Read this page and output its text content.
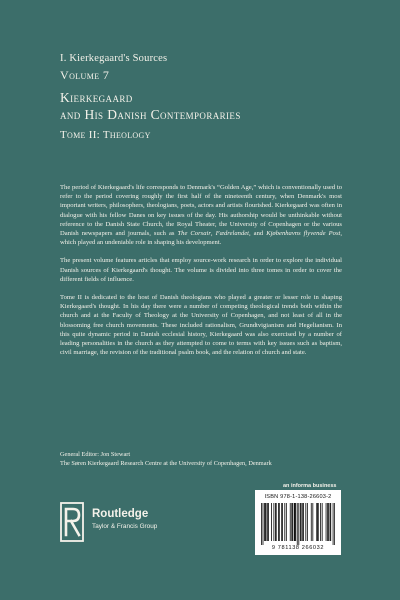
I. Kierkegaard's Sources
Volume 7
Kierkegaard
and His Danish Contemporaries
Tome II: Theology

The period of Kierkegaard's life corresponds to Denmark's “Golden Age,” which is conventionally used to refer to the period covering roughly the first half of the nineteenth century, when Denmark's most important writers, philosophers, theologians, poets, actors and artists flourished. Kierkegaard was often in dialogue with his fellow Danes on key issues of the day. His authorship would be unthinkable without reference to the Danish State Church, the Royal Theater, the University of Copenhagen or the various Danish newspapers and journals, such as The Corsair, Fædrelandet, and Kjøbenhavns flyvende Post, which played an undeniable role in shaping his development.

The present volume features articles that employ source-work research in order to explore the individual Danish sources of Kierkegaard's thought. The volume is divided into three tomes in order to cover the different fields of influence.

Tome II is dedicated to the host of Danish theologians who played a greater or lesser role in shaping Kierkegaard's thought. In his day there were a number of competing theological trends both within the church and at the Faculty of Theology at the University of Copenhagen, and not least of all in the blossoming free church movements. These included rationalism, Grundtvigianism and Hegelianism. In this quite dynamic period in Danish ecclesial history, Kierkegaard was also exercised by a number of leading personalities in the church as they attempted to come to terms with key issues such as baptism, civil marriage, the revision of the traditional psalm book, and the relation of church and state.

General Editor: Jon Stewart
The Søren Kierkegaard Research Centre at the University of Copenhagen, Denmark
an informa business
ISBN 978-1-138-26603-2
9 781138 266032
Routledge
Taylor & Francis Group
